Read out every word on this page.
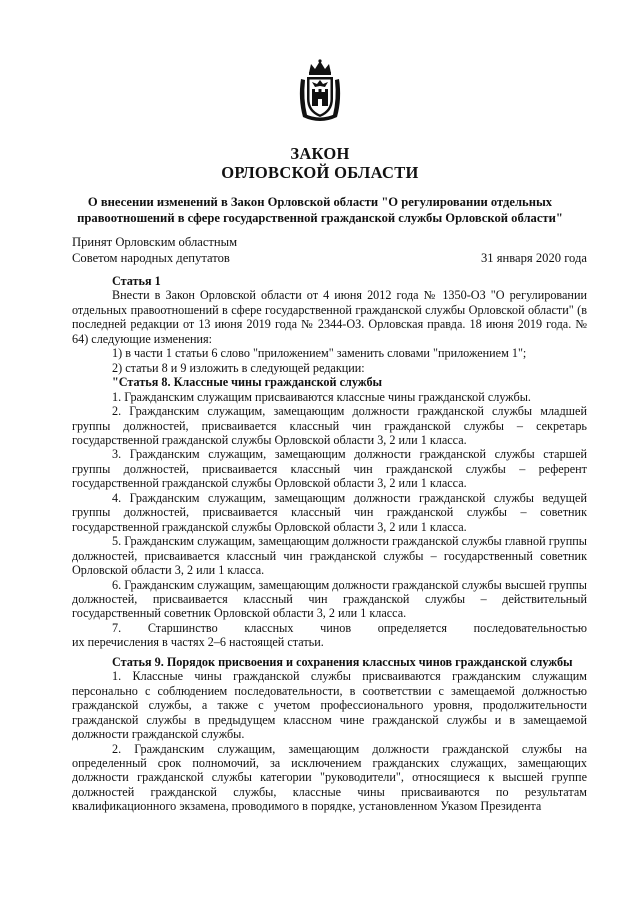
ЗАКОН
ОРЛОВСКОЙ ОБЛАСТИ
О внесении изменений в Закон Орловской области "О регулировании отдельных правоотношений в сфере государственной гражданской службы Орловской области"
Принят Орловским областным
Советом народных депутатов	31 января 2020 года

Статья 1

Внести в Закон Орловской области от 4 июня 2012 года № 1350-ОЗ "О регулировании отдельных правоотношений в сфере государственной гражданской службы Орловской области" (в последней редакции от 13 июня 2019 года № 2344-ОЗ. Орловская правда. 18 июня 2019 года. № 64) следующие изменения:

1) в части 1 статьи 6 слово "приложением" заменить словами "приложением 1";

2) статьи 8 и 9 изложить в следующей редакции:

"Статья 8. Классные чины гражданской службы

1. Гражданским служащим присваиваются классные чины гражданской службы.

2. Гражданским служащим, замещающим должности гражданской службы младшей группы должностей, присваивается классный чин гражданской службы – секретарь государственной гражданской службы Орловской области 3, 2 или 1 класса.

3. Гражданским служащим, замещающим должности гражданской службы старшей группы должностей, присваивается классный чин гражданской службы – референт государственной гражданской службы Орловской области 3, 2 или 1 класса.

4. Гражданским служащим, замещающим должности гражданской службы ведущей группы должностей, присваивается классный чин гражданской службы – советник государственной гражданской службы Орловской области 3, 2 или 1 класса.

5. Гражданским служащим, замещающим должности гражданской службы главной группы должностей, присваивается классный чин гражданской службы – государственный советник Орловской области 3, 2 или 1 класса.

6. Гражданским служащим, замещающим должности гражданской службы высшей группы должностей, присваивается классный чин гражданской службы – действительный государственный советник Орловской области 3, 2 или 1 класса.

7. Старшинство классных чинов определяется последовательностью

их перечисления в частях 2–6 настоящей статьи.

Статья 9. Порядок присвоения и сохранения классных чинов гражданской службы

1. Классные чины гражданской службы присваиваются гражданским служащим персонально с соблюдением последовательности, в соответствии с замещаемой должностью гражданской службы, а также с учетом профессионального уровня, продолжительности гражданской службы в предыдущем классном чине гражданской службы и в замещаемой должности гражданской службы.

2. Гражданским служащим, замещающим должности гражданской службы на определенный срок полномочий, за исключением гражданских служащих, замещающих должности гражданской службы категории "руководители", относящиеся к высшей группе должностей гражданской службы, классные чины присваиваются по результатам квалификационного экзамена, проводимого в порядке, установленном Указом Президента
